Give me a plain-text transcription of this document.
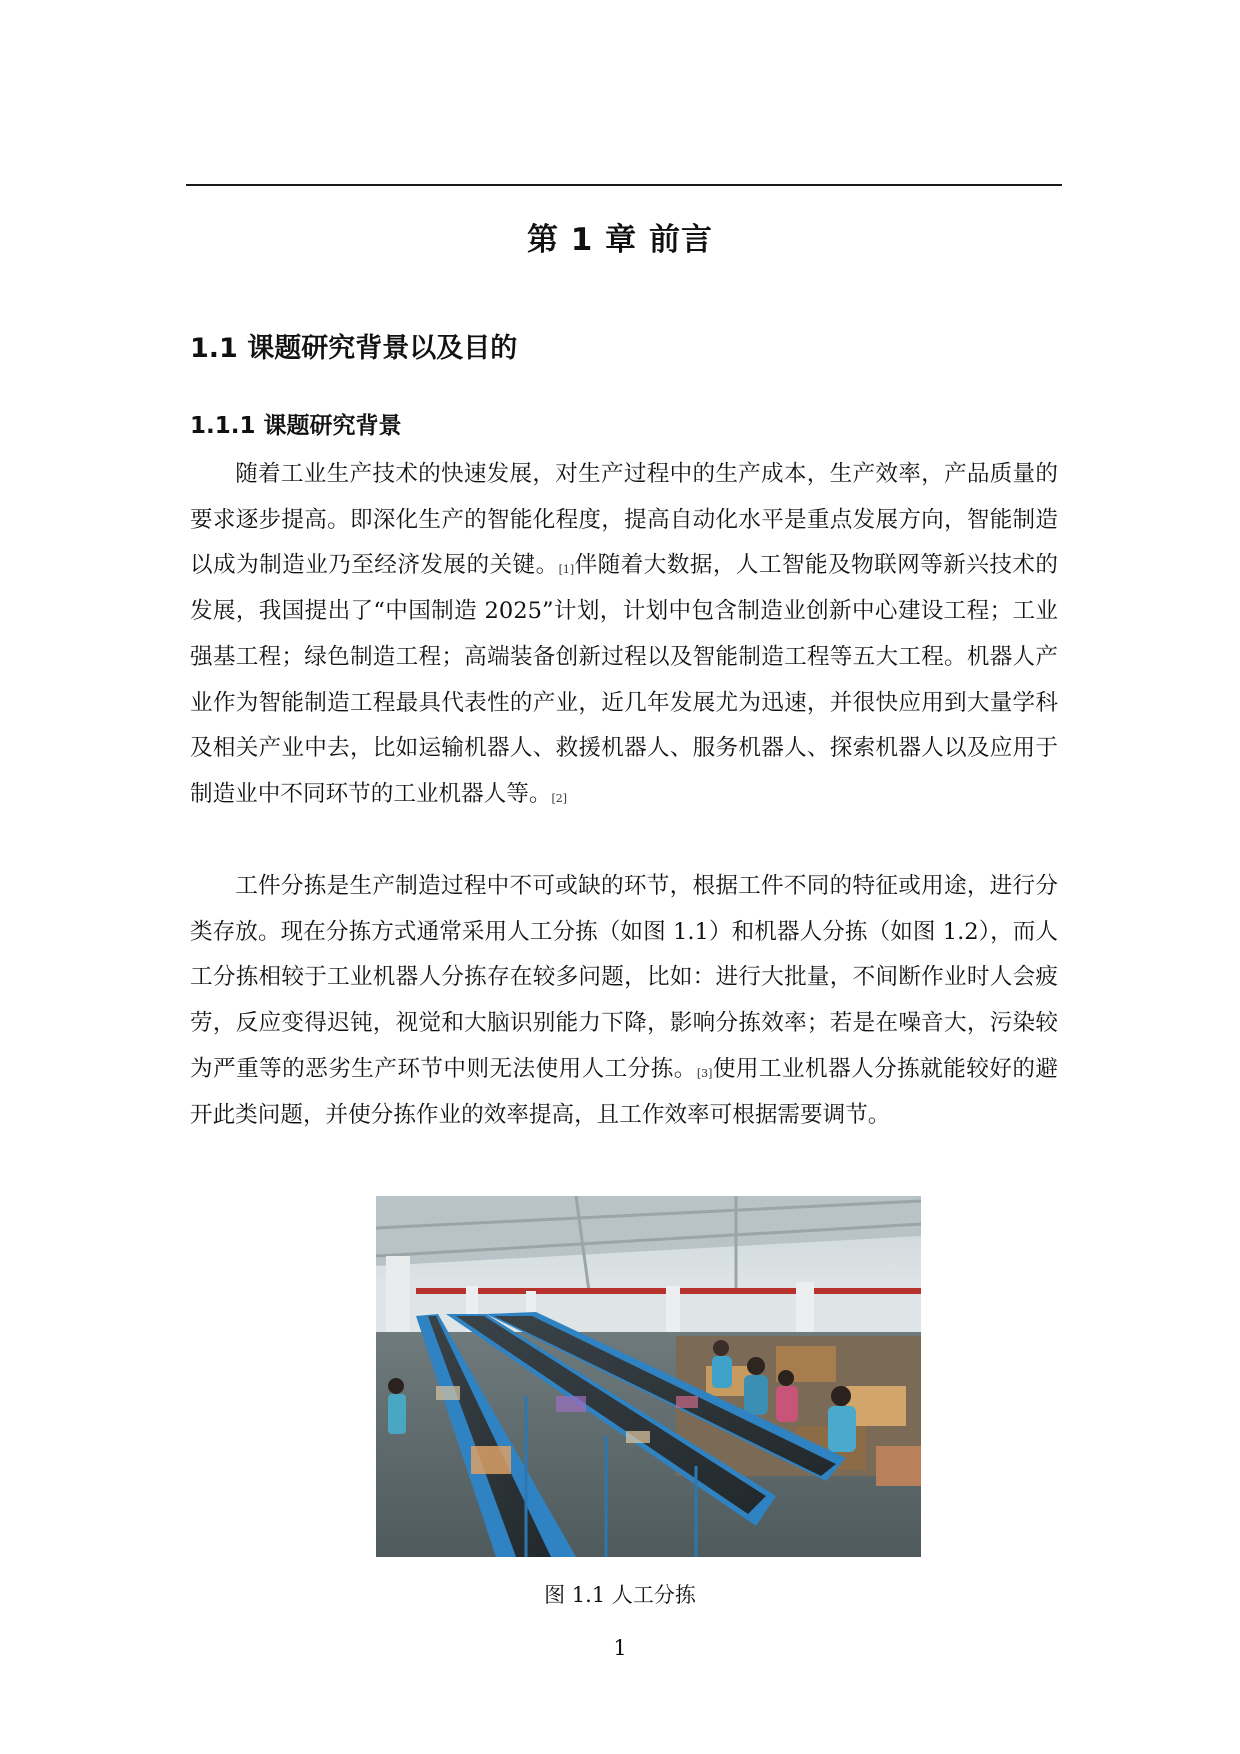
第 1 章 前言
1.1 课题研究背景以及目的
1.1.1 课题研究背景

随着工业生产技术的快速发展，对生产过程中的生产成本，生产效率，产品质量的要求逐步提高。即深化生产的智能化程度，提高自动化水平是重点发展方向，智能制造以成为制造业乃至经济发展的关键。[1]伴随着大数据，人工智能及物联网等新兴技术的发展，我国提出了“中国制造 2025”计划，计划中包含制造业创新中心建设工程；工业强基工程；绿色制造工程；高端装备创新过程以及智能制造工程等五大工程。机器人产业作为智能制造工程最具代表性的产业，近几年发展尤为迅速，并很快应用到大量学科及相关产业中去，比如运输机器人、救援机器人、服务机器人、探索机器人以及应用于制造业中不同环节的工业机器人等。[2]

工件分拣是生产制造过程中不可或缺的环节，根据工件不同的特征或用途，进行分类存放。现在分拣方式通常采用人工分拣（如图 1.1）和机器人分拣（如图 1.2），而人工分拣相较于工业机器人分拣存在较多问题，比如：进行大批量，不间断作业时人会疲劳，反应变得迟钝，视觉和大脑识别能力下降，影响分拣效率；若是在噪音大，污染较为严重等的恶劣生产环节中则无法使用人工分拣。[3]使用工业机器人分拣就能较好的避开此类问题，并使分拣作业的效率提高，且工作效率可根据需要调节。

图 1.1 人工分拣
1
